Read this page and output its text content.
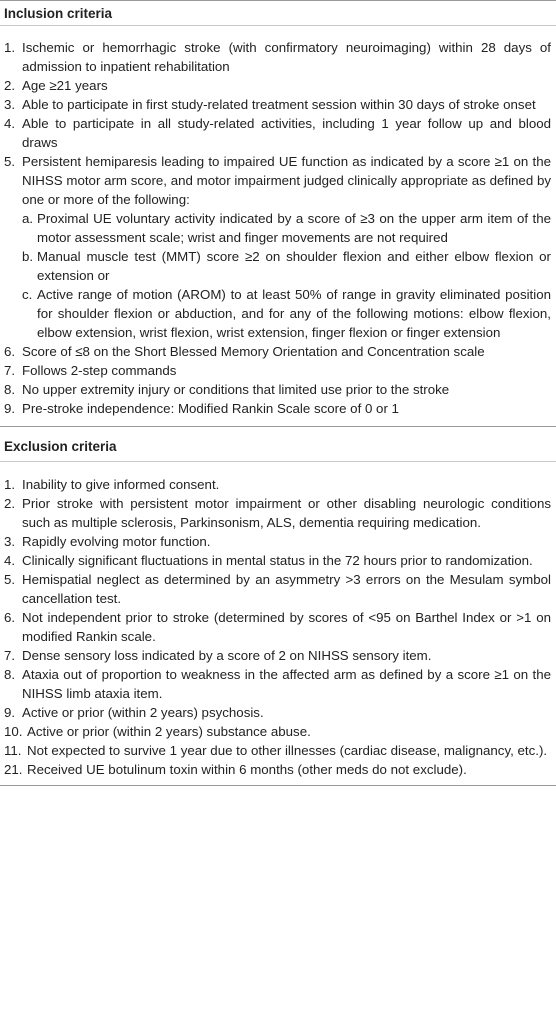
Inclusion criteria
1. Ischemic or hemorrhagic stroke (with confirmatory neuroimaging) within 28 days of admission to inpatient rehabilitation
2. Age ≥21 years
3. Able to participate in first study-related treatment session within 30 days of stroke onset
4. Able to participate in all study-related activities, including 1 year follow up and blood draws
5. Persistent hemiparesis leading to impaired UE function as indicated by a score ≥1 on the NIHSS motor arm score, and motor impairment judged clinically appropriate as defined by one or more of the following:
a. Proximal UE voluntary activity indicated by a score of ≥3 on the upper arm item of the motor assessment scale; wrist and finger movements are not required
b. Manual muscle test (MMT) score ≥2 on shoulder flexion and either elbow flexion or extension or
c. Active range of motion (AROM) to at least 50% of range in gravity eliminated position for shoulder flexion or abduction, and for any of the following motions: elbow flexion, elbow extension, wrist flexion, wrist extension, finger flexion or finger extension
6. Score of ≤8 on the Short Blessed Memory Orientation and Concentration scale
7. Follows 2-step commands
8. No upper extremity injury or conditions that limited use prior to the stroke
9. Pre-stroke independence: Modified Rankin Scale score of 0 or 1
Exclusion criteria
1. Inability to give informed consent.
2. Prior stroke with persistent motor impairment or other disabling neurologic conditions such as multiple sclerosis, Parkinsonism, ALS, dementia requiring medication.
3. Rapidly evolving motor function.
4. Clinically significant fluctuations in mental status in the 72 hours prior to randomization.
5. Hemispatial neglect as determined by an asymmetry >3 errors on the Mesulam symbol cancellation test.
6. Not independent prior to stroke (determined by scores of <95 on Barthel Index or >1 on modified Rankin scale.
7. Dense sensory loss indicated by a score of 2 on NIHSS sensory item.
8. Ataxia out of proportion to weakness in the affected arm as defined by a score ≥1 on the NIHSS limb ataxia item.
9. Active or prior (within 2 years) psychosis.
10. Active or prior (within 2 years) substance abuse.
11. Not expected to survive 1 year due to other illnesses (cardiac disease, malignancy, etc.).
21. Received UE botulinum toxin within 6 months (other meds do not exclude).
